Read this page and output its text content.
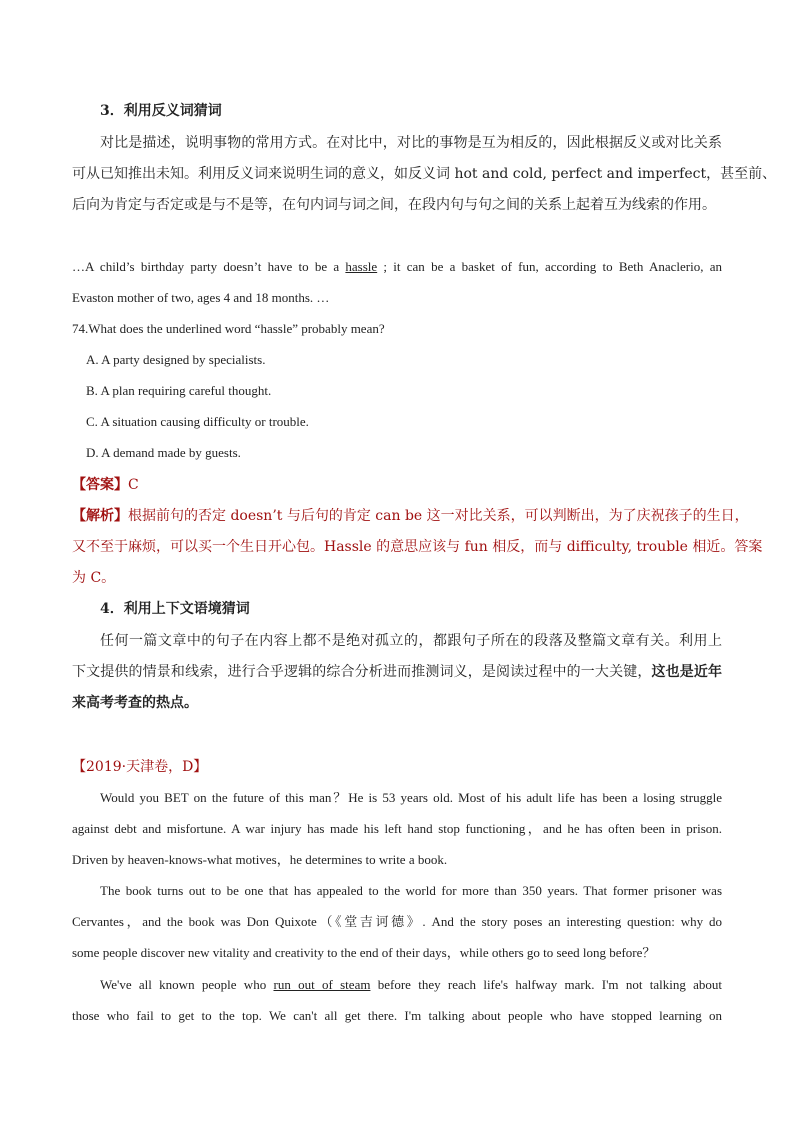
3．利用反义词猜词
对比是描述，说明事物的常用方式。在对比中，对比的事物是互为相反的，因此根据反义或对比关系
可从已知推出未知。利用反义词来说明生词的意义，如反义词 hot and cold, perfect and imperfect，甚至前、
后向为肯定与否定或是与不是等，在句内词与词之间，在段内句与句之间的关系上起着互为线索的作用。
…A child’s birthday party doesn’t have to be a hassle ; it can be a basket of fun, according to Beth Anaclerio, an
Evaston mother of two, ages 4 and 18 months. …
74.What does the underlined word “hassle” probably mean?
A. A party designed by specialists.
B. A plan requiring careful thought.
C. A situation causing difficulty or trouble.
D. A demand made by guests.
【答案】C
【解析】根据前句的否定 doesn’t 与后句的肯定 can be 这一对比关系，可以判断出，为了庆祝孩子的生日，
又不至于麻烦，可以买一个生日开心包。Hassle 的意思应该与 fun 相反，而与 difficulty, trouble 相近。答案
为 C。
4．利用上下文语境猜词
任何一篇文章中的句子在内容上都不是绝对孤立的，都跟句子所在的段落及整篇文章有关。利用上
下文提供的情景和线索，进行合乎逻辑的综合分析进而推测词义，是阅读过程中的一大关键，这也是近年
来高考考查的热点。
【2019·天津卷，D】
Would you BET on the future of this man？He is 53 years old. Most of his adult life has been a losing struggle
against debt and misfortune. A war injury has made his left hand stop functioning，and he has often been in prison.
Driven by heaven-knows-what motives，he determines to write a book.
The book turns out to be one that has appealed to the world for more than 350 years. That former prisoner was
Cervantes，and the book was Don Quixote（《堂吉诃德》. And the story poses an interesting question: why do
some people discover new vitality and creativity to the end of their days，while others go to seed long before？
We've all known people who run out of steam before they reach life's halfway mark. I'm not talking about
those who fail to get to the top. We can't all get there. I'm talking about people who have stopped learning on
